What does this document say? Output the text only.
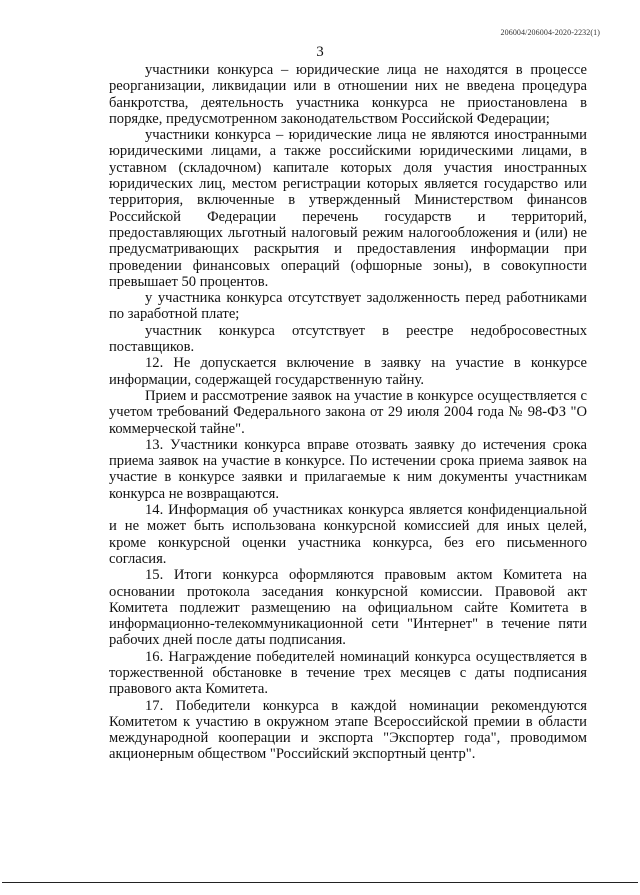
206004/206004-2020-2232(1)
3

участники конкурса – юридические лица не находятся в процессе реорганизации, ликвидации или в отношении них не введена процедура банкротства, деятельность участника конкурса не приостановлена в порядке, предусмотренном законодательством Российской Федерации;

участники конкурса – юридические лица не являются иностранными юридическими лицами, а также российскими юридическими лицами, в уставном (складочном) капитале которых доля участия иностранных юридических лиц, местом регистрации которых является государство или территория, включенные в утвержденный Министерством финансов Российской Федерации перечень государств и территорий, предоставляющих льготный налоговый режим налогообложения и (или) не предусматривающих раскрытия и предоставления информации при проведении финансовых операций (офшорные зоны), в совокупности превышает 50 процентов.

у участника конкурса отсутствует задолженность перед работниками по заработной плате;

участник конкурса отсутствует в реестре недобросовестных поставщиков.

12. Не допускается включение в заявку на участие в конкурсе информации, содержащей государственную тайну.

Прием и рассмотрение заявок на участие в конкурсе осуществляется с учетом требований Федерального закона от 29 июля 2004 года № 98-ФЗ "О коммерческой тайне".

13. Участники конкурса вправе отозвать заявку до истечения срока приема заявок на участие в конкурсе. По истечении срока приема заявок на участие в конкурсе заявки и прилагаемые к ним документы участникам конкурса не возвращаются.

14. Информация об участниках конкурса является конфиденциальной и не может быть использована конкурсной комиссией для иных целей, кроме конкурсной оценки участника конкурса, без его письменного согласия.

15. Итоги конкурса оформляются правовым актом Комитета на основании протокола заседания конкурсной комиссии. Правовой акт Комитета подлежит размещению на официальном сайте Комитета в информационно-телекоммуникационной сети "Интернет" в течение пяти рабочих дней после даты подписания.

16. Награждение победителей номинаций конкурса осуществляется в торжественной обстановке в течение трех месяцев с даты подписания правового акта Комитета.

17. Победители конкурса в каждой номинации рекомендуются Комитетом к участию в окружном этапе Всероссийской премии в области международной кооперации и экспорта "Экспортер года", проводимом акционерным обществом "Российский экспортный центр".
